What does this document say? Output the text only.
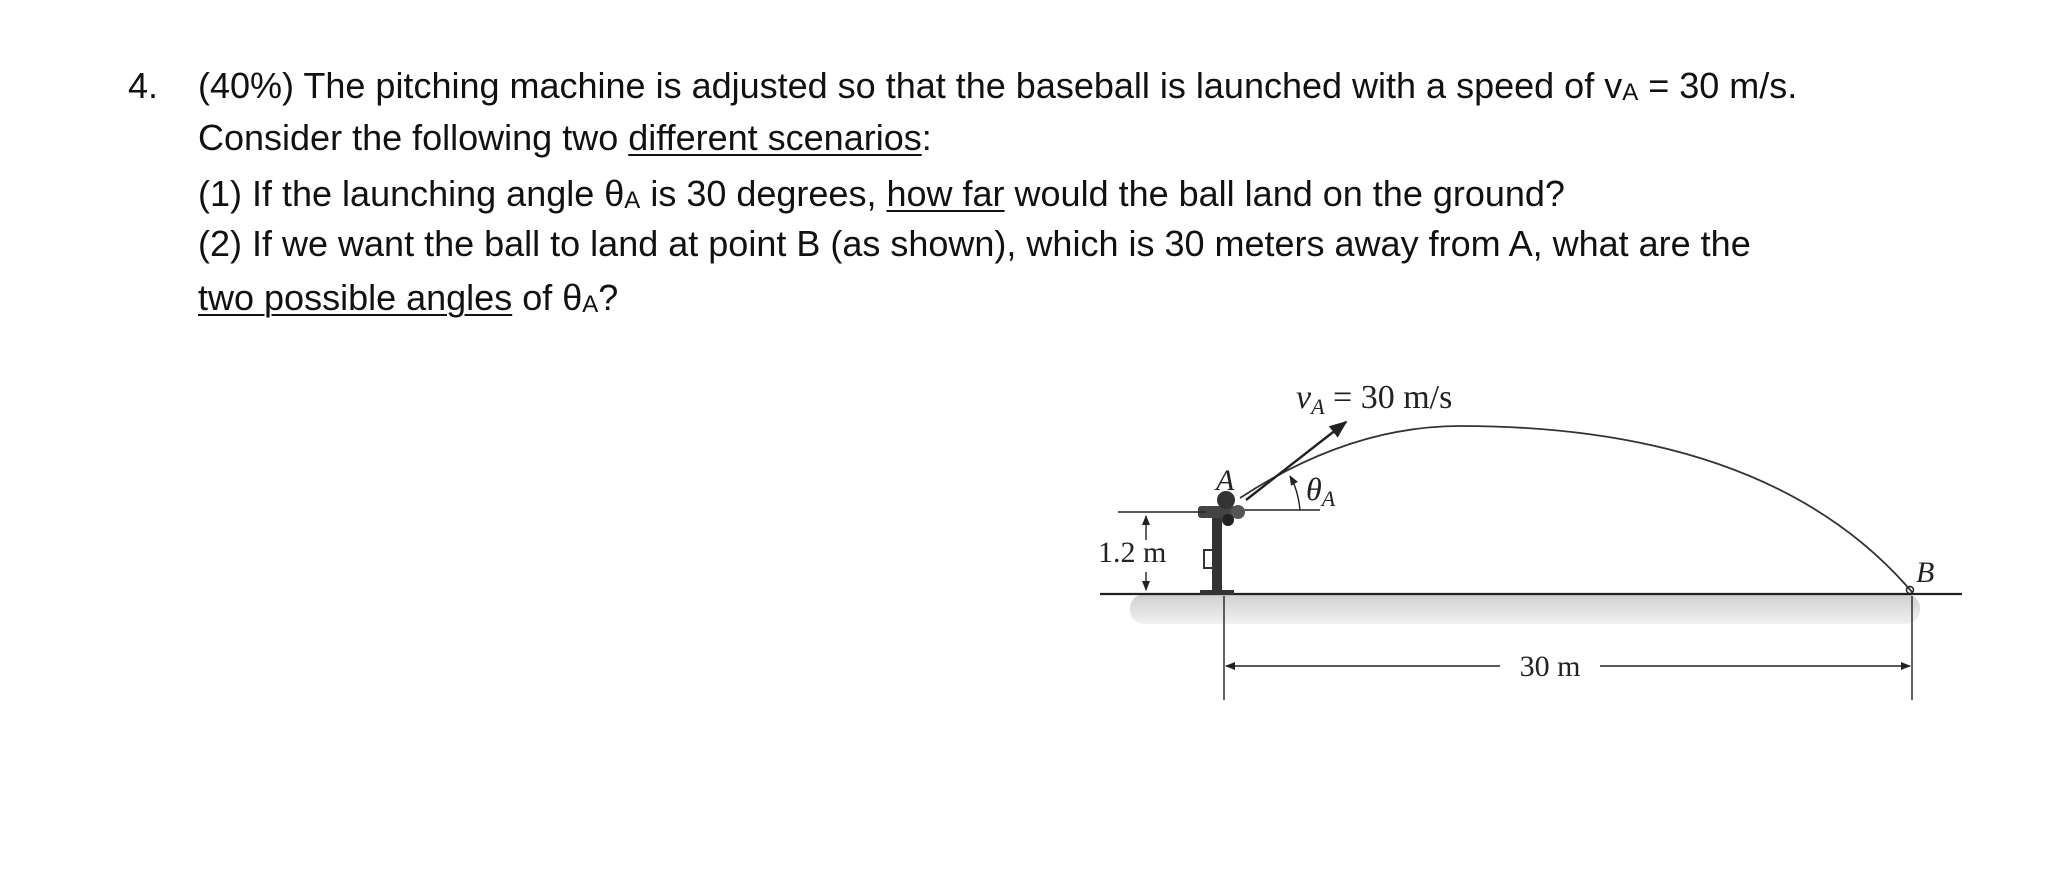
4. (40%) The pitching machine is adjusted so that the baseball is launched with a speed of vA = 30 m/s.
Consider the following two different scenarios:
(1) If the launching angle θA is 30 degrees, how far would the ball land on the ground?
(2) If we want the ball to land at point B (as shown), which is 30 meters away from A, what are the
two possible angles of θA?
vA = 30 m/s
θA
A
B
1.2 m
30 m
